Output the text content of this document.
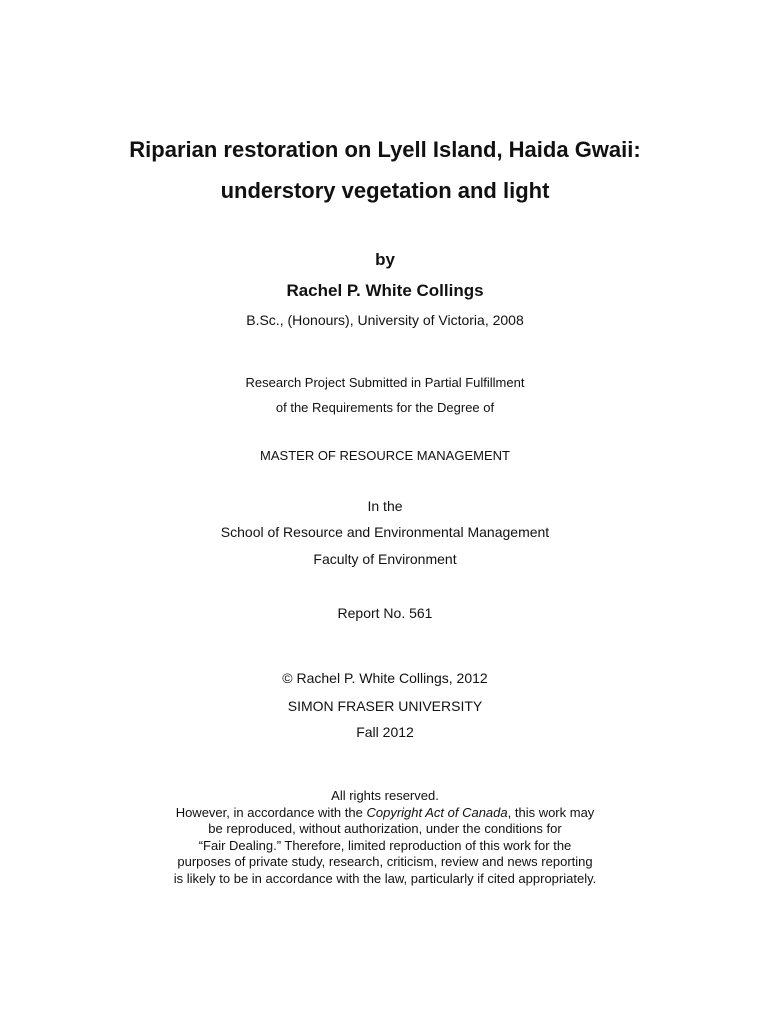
Riparian restoration on Lyell Island, Haida Gwaii:
understory vegetation and light
by
Rachel P. White Collings
B.Sc., (Honours), University of Victoria, 2008
Research Project Submitted in Partial Fulfillment
of the Requirements for the Degree of
MASTER OF RESOURCE MANAGEMENT
In the
School of Resource and Environmental Management
Faculty of Environment
Report No. 561
© Rachel P. White Collings, 2012
SIMON FRASER UNIVERSITY
Fall 2012
All rights reserved.
However, in accordance with the Copyright Act of Canada, this work may
be reproduced, without authorization, under the conditions for
“Fair Dealing.” Therefore, limited reproduction of this work for the
purposes of private study, research, criticism, review and news reporting
is likely to be in accordance with the law, particularly if cited appropriately.
